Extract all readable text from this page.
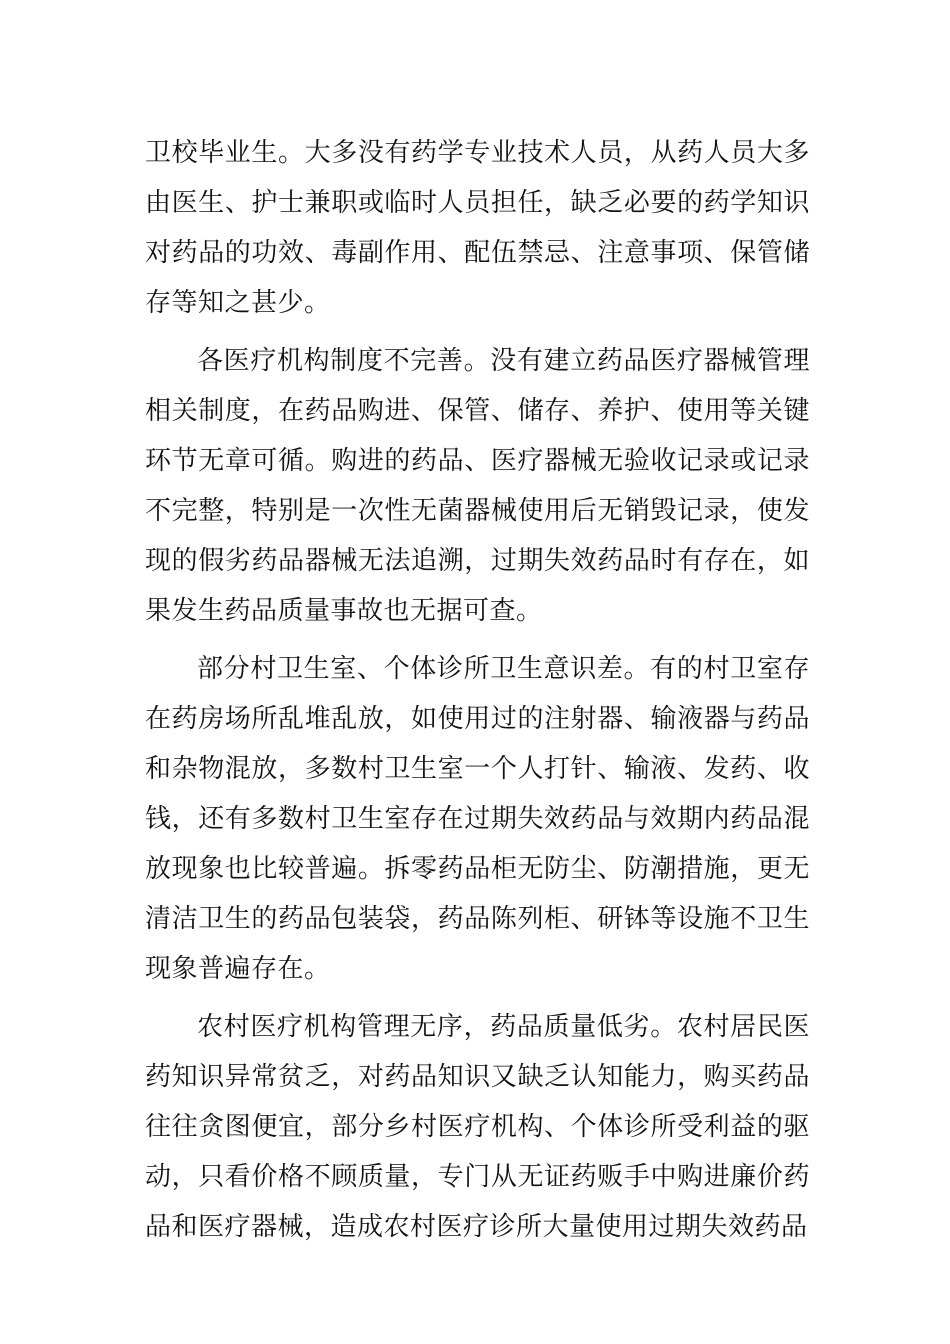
卫校毕业生。大多没有药学专业技术人员，从药人员大多由医生、护士兼职或临时人员担任，缺乏必要的药学知识对药品的功效、毒副作用、配伍禁忌、注意事项、保管储存等知之甚少。

各医疗机构制度不完善。没有建立药品医疗器械管理相关制度，在药品购进、保管、储存、养护、使用等关键环节无章可循。购进的药品、医疗器械无验收记录或记录不完整，特别是一次性无菌器械使用后无销毁记录，使发现的假劣药品器械无法追溯，过期失效药品时有存在，如果发生药品质量事故也无据可查。

部分村卫生室、个体诊所卫生意识差。有的村卫室存在药房场所乱堆乱放，如使用过的注射器、输液器与药品和杂物混放，多数村卫生室一个人打针、输液、发药、收钱，还有多数村卫生室存在过期失效药品与效期内药品混放现象也比较普遍。拆零药品柜无防尘、防潮措施，更无清洁卫生的药品包装袋，药品陈列柜、研钵等设施不卫生现象普遍存在。

农村医疗机构管理无序，药品质量低劣。农村居民医药知识异常贫乏，对药品知识又缺乏认知能力，购买药品往往贪图便宜，部分乡村医疗机构、个体诊所受利益的驱动，只看价格不顾质量，专门从无证药贩手中购进廉价药品和医疗器械，造成农村医疗诊所大量使用过期失效药品
